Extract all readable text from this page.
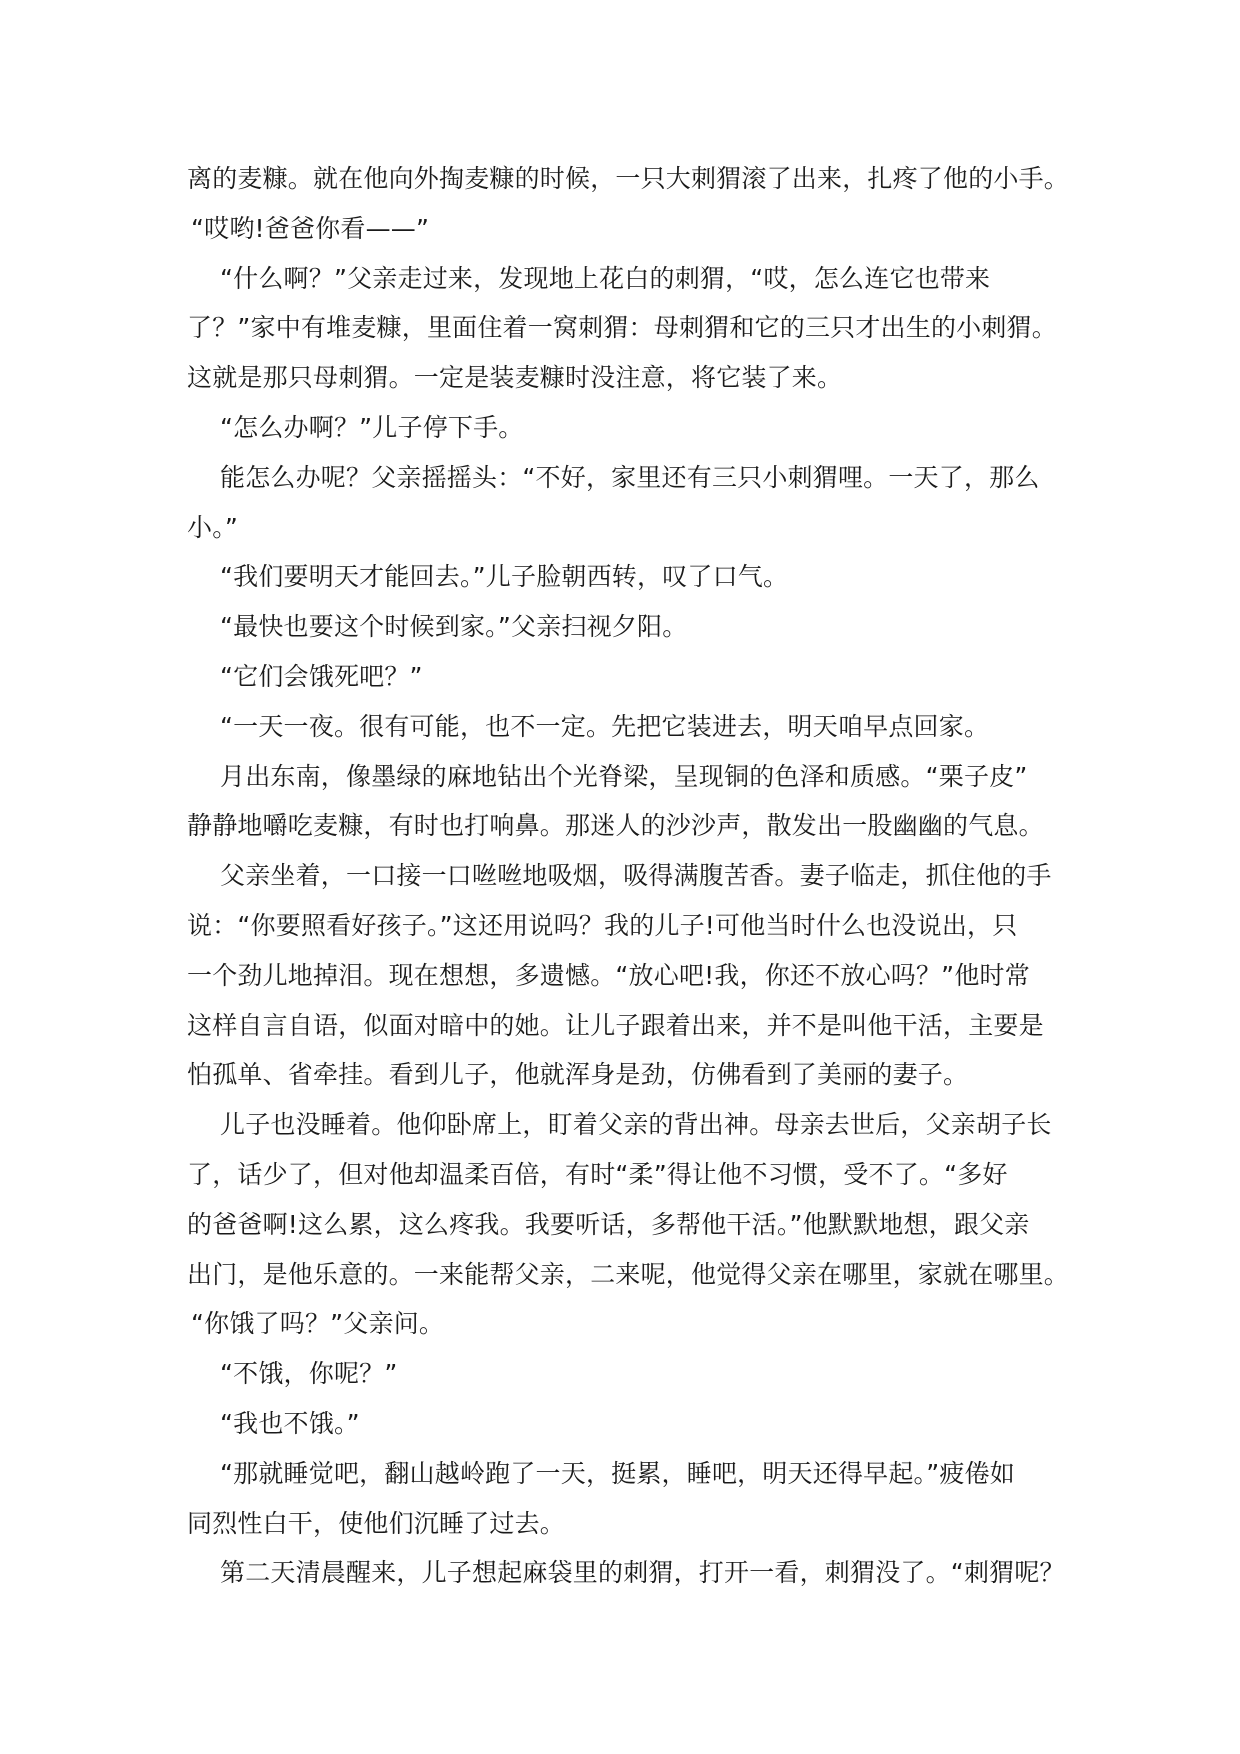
离的麦糠。就在他向外掏麦糠的时候，一只大刺猬滚了出来，扎疼了他的小手。
“哎哟!爸爸你看——”
“什么啊？”父亲走过来，发现地上花白的刺猬，“哎，怎么连它也带来
了？”家中有堆麦糠，里面住着一窝刺猬：母刺猬和它的三只才出生的小刺猬。
这就是那只母刺猬。一定是装麦糠时没注意，将它装了来。
“怎么办啊？”儿子停下手。
能怎么办呢？父亲摇摇头：“不好，家里还有三只小刺猬哩。一天了，那么
小。”
“我们要明天才能回去。”儿子脸朝西转，叹了口气。
“最快也要这个时候到家。”父亲扫视夕阳。
“它们会饿死吧？”
“一天一夜。很有可能，也不一定。先把它装进去，明天咱早点回家。
月出东南，像墨绿的麻地钻出个光脊梁，呈现铜的色泽和质感。“栗子皮”
静静地嚼吃麦糠，有时也打响鼻。那迷人的沙沙声，散发出一股幽幽的气息。
父亲坐着，一口接一口咝咝地吸烟，吸得满腹苦香。妻子临走，抓住他的手
说：“你要照看好孩子。”这还用说吗？我的儿子!可他当时什么也没说出，只
一个劲儿地掉泪。现在想想，多遗憾。“放心吧!我，你还不放心吗？”他时常
这样自言自语，似面对暗中的她。让儿子跟着出来，并不是叫他干活，主要是
怕孤单、省牵挂。看到儿子，他就浑身是劲，仿佛看到了美丽的妻子。
儿子也没睡着。他仰卧席上，盯着父亲的背出神。母亲去世后，父亲胡子长
了，话少了，但对他却温柔百倍，有时“柔”得让他不习惯，受不了。“多好
的爸爸啊!这么累，这么疼我。我要听话，多帮他干活。”他默默地想，跟父亲
出门，是他乐意的。一来能帮父亲，二来呢，他觉得父亲在哪里，家就在哪里。
“你饿了吗？”父亲问。
“不饿，你呢？”
“我也不饿。”
“那就睡觉吧，翻山越岭跑了一天，挺累，睡吧，明天还得早起。”疲倦如
同烈性白干，使他们沉睡了过去。
第二天清晨醒来，儿子想起麻袋里的刺猬，打开一看，刺猬没了。“刺猬呢？
